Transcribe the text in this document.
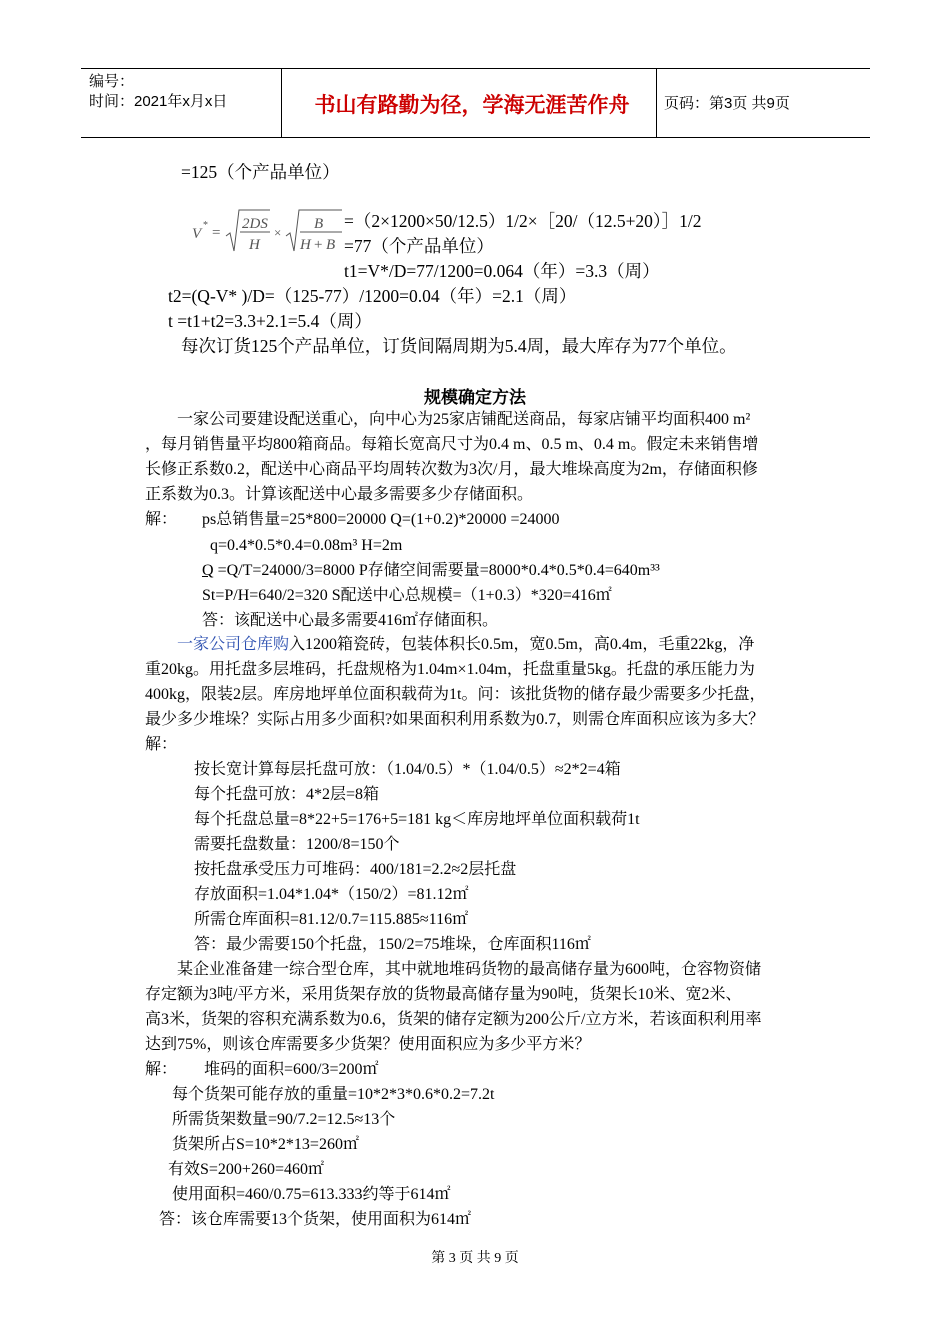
编号：
时间：2021年x月x日	书山有路勤为径，学海无涯苦作舟	页码：第3页 共9页
=125（个产品单位）
V
* =
2DS
H
×
B
H + B
=（2×1200×50/12.5）1/2×［20/（12.5+20）］1/2
=77（个产品单位）
t1=V*/D=77/1200=0.064（年）=3.3（周）
t2=(Q-V* )/D=（125-77）/1200=0.04（年）=2.1（周）
t =t1+t2=3.3+2.1=5.4（周）
每次订货125个产品单位，订货间隔周期为5.4周，最大库存为77个单位。
规模确定方法
一家公司要建设配送重心，向中心为25家店铺配送商品，每家店铺平均面积400 m²
，每月销售量平均800箱商品。每箱长宽高尺寸为0.4 m、0.5 m、0.4 m。假定未来销售增
长修正系数0.2，配送中心商品平均周转次数为3次/月，最大堆垛高度为2m，存储面积修
正系数为0.3。计算该配送中心最多需要多少存储面积。
解： ps总销售量=25*800=20000 Q=(1+0.2)*20000 =24000
q=0.4*0.5*0.4=0.08m³ H=2m
Q =Q/T=24000/3=8000 P存储空间需要量=8000*0.4*0.5*0.4=640m³³
St=P/H=640/2=320 S配送中心总规模=（1+0.3）*320=416㎡
答：该配送中心最多需要416㎡存储面积。
一家公司仓库购入1200箱瓷砖，包装体积长0.5m，宽0.5m，高0.4m，毛重22kg，净
重20kg。用托盘多层堆码，托盘规格为1.04m×1.04m，托盘重量5kg。托盘的承压能力为
400kg，限装2层。库房地坪单位面积载荷为1t。问：该批货物的储存最少需要多少托盘，
最少多少堆垛？实际占用多少面积?如果面积利用系数为0.7，则需仓库面积应该为多大？
解：
按长宽计算每层托盘可放：（1.04/0.5）*（1.04/0.5）≈2*2=4箱
每个托盘可放：4*2层=8箱
每个托盘总量=8*22+5=176+5=181 kg＜库房地坪单位面积载荷1t
需要托盘数量：1200/8=150个
按托盘承受压力可堆码：400/181=2.2≈2层托盘
存放面积=1.04*1.04*（150/2）=81.12㎡
所需仓库面积=81.12/0.7=115.885≈116㎡
答：最少需要150个托盘，150/2=75堆垛，仓库面积116㎡
某企业准备建一综合型仓库，其中就地堆码货物的最高储存量为600吨，仓容物资储
存定额为3吨/平方米，采用货架存放的货物最高储存量为90吨，货架长10米、宽2米、
高3米，货架的容积充满系数为0.6，货架的储存定额为200公斤/立方米，若该面积利用率
达到75%，则该仓库需要多少货架？使用面积应为多少平方米？
解： 堆码的面积=600/3=200㎡
每个货架可能存放的重量=10*2*3*0.6*0.2=7.2t
所需货架数量=90/7.2=12.5≈13个
货架所占S=10*2*13=260㎡
有效S=200+260=460㎡
使用面积=460/0.75=613.333约等于614㎡
答：该仓库需要13个货架，使用面积为614㎡
第 3 页 共 9 页
